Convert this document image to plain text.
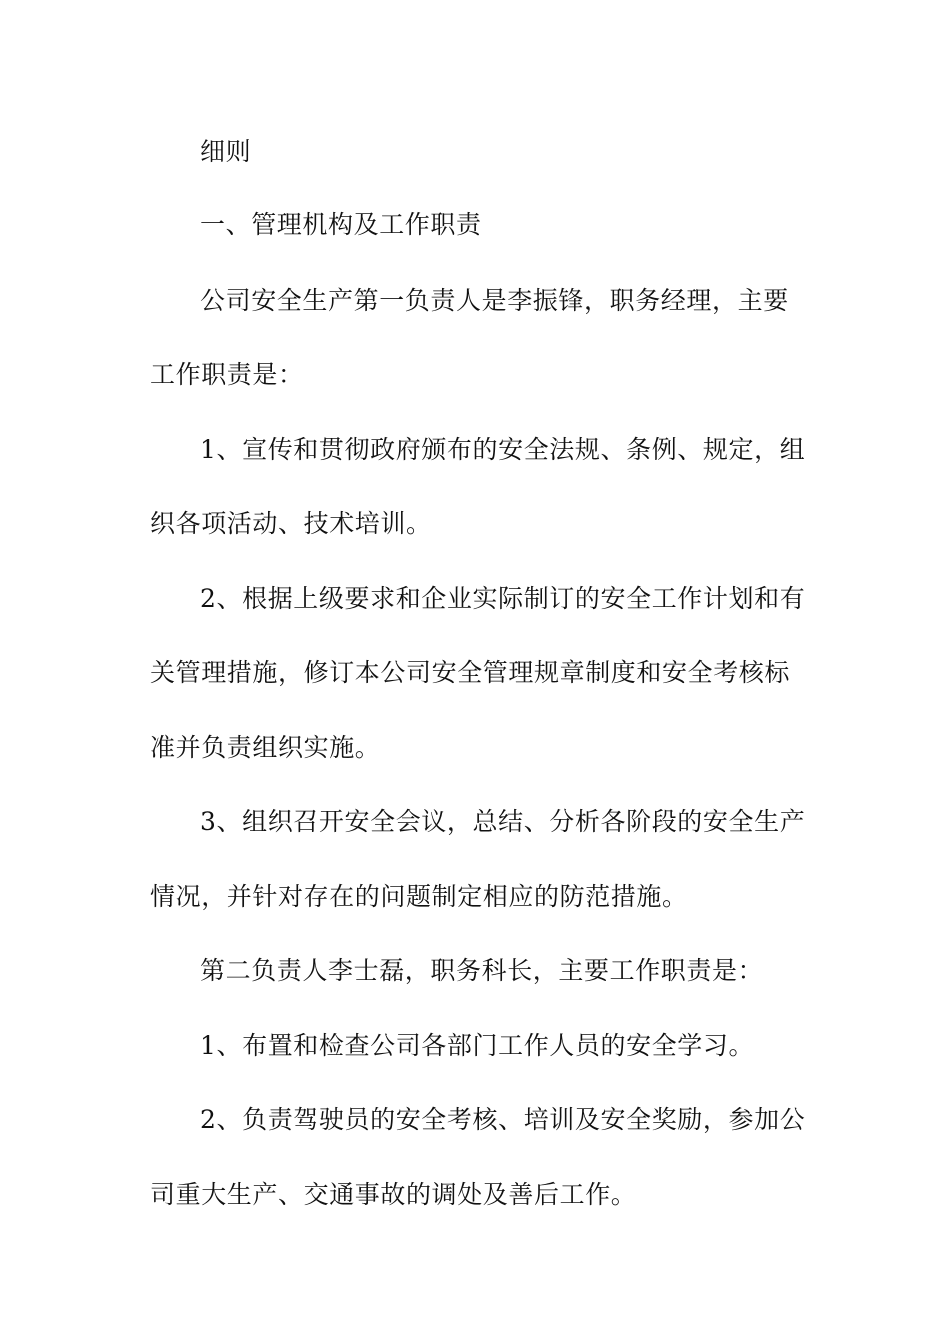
细则
一、管理机构及工作职责
公司安全生产第一负责人是李振锋，职务经理，主要
工作职责是：
1、宣传和贯彻政府颁布的安全法规、条例、规定，组
织各项活动、技术培训。
2、根据上级要求和企业实际制订的安全工作计划和有
关管理措施，修订本公司安全管理规章制度和安全考核标
准并负责组织实施。
3、组织召开安全会议，总结、分析各阶段的安全生产
情况，并针对存在的问题制定相应的防范措施。
第二负责人李士磊，职务科长，主要工作职责是：
1、布置和检查公司各部门工作人员的安全学习。
2、负责驾驶员的安全考核、培训及安全奖励，参加公
司重大生产、交通事故的调处及善后工作。
